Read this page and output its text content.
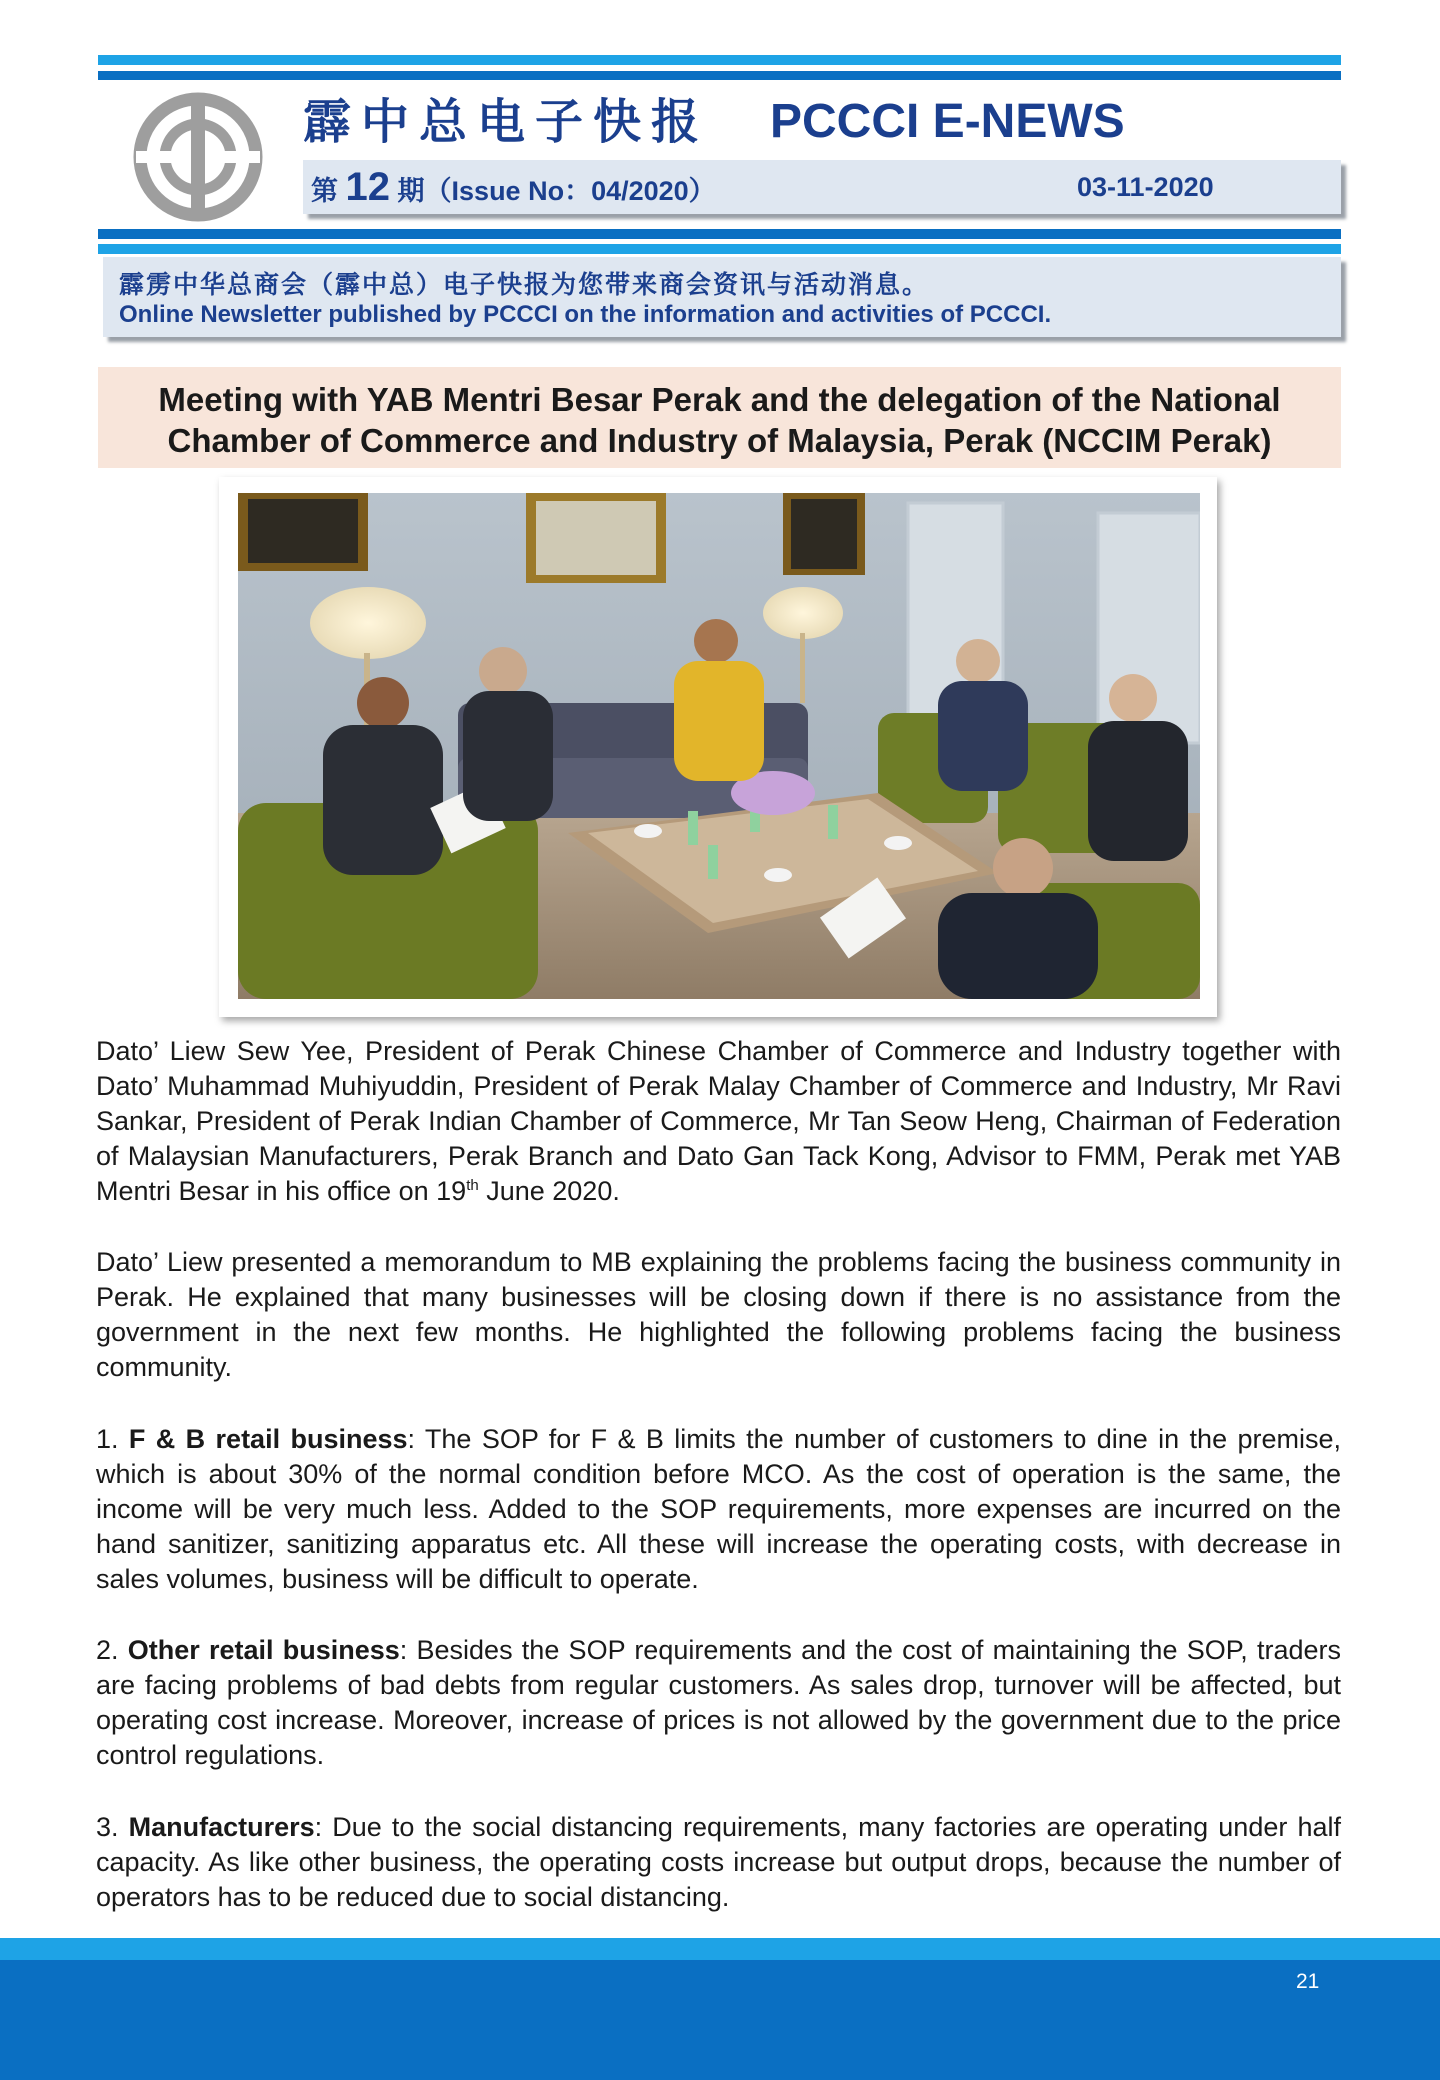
霹中总电子快报 PCCCI E-NEWS
第 12 期（Issue No：04/2020）	03-11-2020
霹雳中华总商会（霹中总）电子快报为您带来商会资讯与活动消息。
Online Newsletter published by PCCCI on the information and activities of PCCCI.
Meeting with YAB Mentri Besar Perak and the delegation of the National
Chamber of Commerce and Industry of Malaysia, Perak (NCCIM Perak)

Dato’ Liew Sew Yee, President of Perak Chinese Chamber of Commerce and Industry together with Dato’ Muhammad Muhiyuddin, President of Perak Malay Chamber of Commerce and Industry, Mr Ravi Sankar, President of Perak Indian Chamber of Commerce, Mr Tan Seow Heng, Chairman of Federation of Malaysian Manufacturers, Perak Branch and Dato Gan Tack Kong, Advisor to FMM, Perak met YAB Mentri Besar in his office on 19th June 2020.

Dato’ Liew presented a memorandum to MB explaining the problems facing the business community in Perak. He explained that many businesses will be closing down if there is no assistance from the government in the next few months. He highlighted the following problems facing the business community.

1. F & B retail business: The SOP for F & B limits the number of customers to dine in the premise, which is about 30% of the normal condition before MCO. As the cost of operation is the same, the income will be very much less. Added to the SOP requirements, more expenses are incurred on the hand sanitizer, sanitizing apparatus etc. All these will increase the operating costs, with decrease in sales volumes, business will be difficult to operate.

2. Other retail business: Besides the SOP requirements and the cost of maintaining the SOP, traders are facing problems of bad debts from regular customers. As sales drop, turnover will be affected, but operating cost increase. Moreover, increase of prices is not allowed by the government due to the price control regulations.

3. Manufacturers: Due to the social distancing requirements, many factories are operating under half capacity. As like other business, the operating costs increase but output drops, because the number of operators has to be reduced due to social distancing.

21
